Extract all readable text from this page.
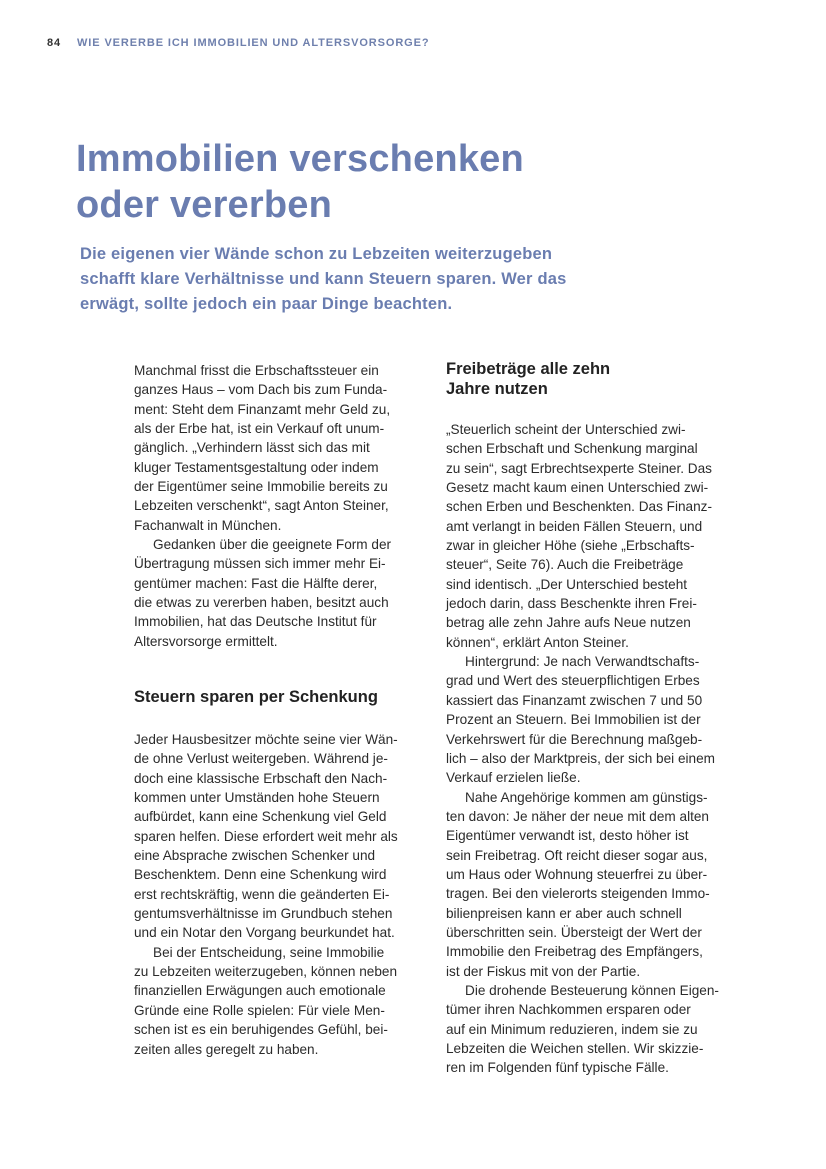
84 WIE VERERBE ICH IMMOBILIEN UND ALTERSVORSORGE?
Immobilien verschenken
oder vererben
Die eigenen vier Wände schon zu Lebzeiten weiterzugeben
schafft klare Verhältnisse und kann Steuern sparen. Wer das
erwägt, sollte jedoch ein paar Dinge beachten.
Manchmal frisst die Erbschaftssteuer ein
ganzes Haus – vom Dach bis zum Funda-
ment: Steht dem Finanzamt mehr Geld zu,
als der Erbe hat, ist ein Verkauf oft unum-
gänglich. „Verhindern lässt sich das mit
kluger Testamentsgestaltung oder indem
der Eigentümer seine Immobilie bereits zu
Lebzeiten verschenkt“, sagt Anton Steiner,
Fachanwalt in München.
Gedanken über die geeignete Form der
Übertragung müssen sich immer mehr Ei-
gentümer machen: Fast die Hälfte derer,
die etwas zu vererben haben, besitzt auch
Immobilien, hat das Deutsche Institut für
Altersvorsorge ermittelt.
Steuern sparen per Schenkung
Jeder Hausbesitzer möchte seine vier Wän-
de ohne Verlust weitergeben. Während je-
doch eine klassische Erbschaft den Nach-
kommen unter Umständen hohe Steuern
aufbürdet, kann eine Schenkung viel Geld
sparen helfen. Diese erfordert weit mehr als
eine Absprache zwischen Schenker und
Beschenktem. Denn eine Schenkung wird
erst rechtskräftig, wenn die geänderten Ei-
gentumsverhältnisse im Grundbuch stehen
und ein Notar den Vorgang beurkundet hat.
Bei der Entscheidung, seine Immobilie
zu Lebzeiten weiterzugeben, können neben
finanziellen Erwägungen auch emotionale
Gründe eine Rolle spielen: Für viele Men-
schen ist es ein beruhigendes Gefühl, bei-
zeiten alles geregelt zu haben.
Freibeträge alle zehn
Jahre nutzen
„Steuerlich scheint der Unterschied zwi-
schen Erbschaft und Schenkung marginal
zu sein“, sagt Erbrechtsexperte Steiner. Das
Gesetz macht kaum einen Unterschied zwi-
schen Erben und Beschenkten. Das Finanz-
amt verlangt in beiden Fällen Steuern, und
zwar in gleicher Höhe (siehe „Erbschafts-
steuer“, Seite 76). Auch die Freibeträge
sind identisch. „Der Unterschied besteht
jedoch darin, dass Beschenkte ihren Frei-
betrag alle zehn Jahre aufs Neue nutzen
können“, erklärt Anton Steiner.
Hintergrund: Je nach Verwandtschafts-
grad und Wert des steuerpflichtigen Erbes
kassiert das Finanzamt zwischen 7 und 50
Prozent an Steuern. Bei Immobilien ist der
Verkehrswert für die Berechnung maßgeb-
lich – also der Marktpreis, der sich bei einem
Verkauf erzielen ließe.
Nahe Angehörige kommen am günstigs-
ten davon: Je näher der neue mit dem alten
Eigentümer verwandt ist, desto höher ist
sein Freibetrag. Oft reicht dieser sogar aus,
um Haus oder Wohnung steuerfrei zu über-
tragen. Bei den vielerorts steigenden Immo-
bilienpreisen kann er aber auch schnell
überschritten sein. Übersteigt der Wert der
Immobilie den Freibetrag des Empfängers,
ist der Fiskus mit von der Partie.
Die drohende Besteuerung können Eigen-
tümer ihren Nachkommen ersparen oder
auf ein Minimum reduzieren, indem sie zu
Lebzeiten die Weichen stellen. Wir skizzie-
ren im Folgenden fünf typische Fälle.
